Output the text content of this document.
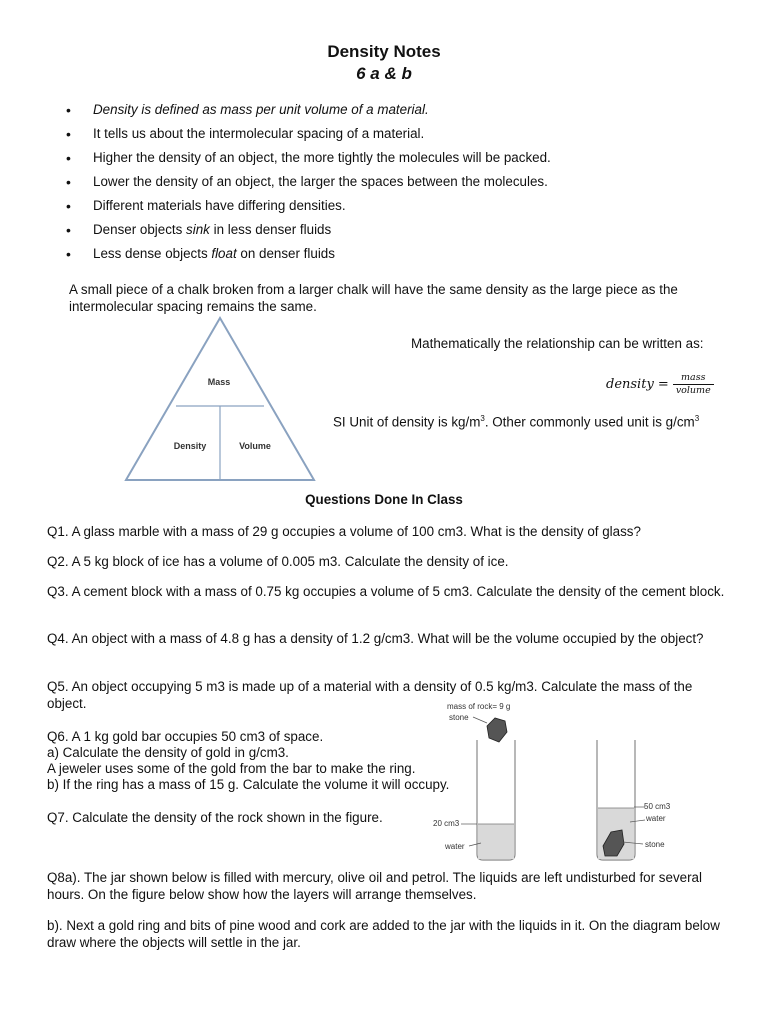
Density Notes
6 a & b
• Density is defined as mass per unit volume of a material.
• It tells us about the intermolecular spacing of a material.
• Higher the density of an object, the more tightly the molecules will be packed.
• Lower the density of an object, the larger the spaces between the molecules.
• Different materials have differing densities.
• Denser objects sink in less denser fluids
• Less dense objects float on denser fluids
A small piece of a chalk broken from a larger chalk will have the same density as the large piece as the intermolecular spacing remains the same.
Mass
Density	Volume
Mathematically the relationship can be written as:
density =	mass
volume
SI Unit of density is $kg/m^3$. Other commonly used unit is $g/cm^3$
Questions Done In Class
Q1. A glass marble with a mass of 29 g occupies a volume of 100 cm3. What is the density of glass?
Q2. A 5 kg block of ice has a volume of 0.005 m3. Calculate the density of ice.
Q3. A cement block with a mass of 0.75 kg occupies a volume of 5 cm3. Calculate the density of the cement block.
Q4. An object with a mass of 4.8 g has a density of 1.2 g/cm3. What will be the volume occupied by the object?
Q5. An object occupying 5 m3 is made up of a material with a density of 0.5 kg/m3. Calculate the mass of the object.
Q6. A 1 kg gold bar occupies 50 cm3 of space.
a) Calculate the density of gold in g/cm3.
A jeweler uses some of the gold from the bar to make the ring.
b) If the ring has a mass of 15 g. Calculate the volume it will occupy.
Q7. Calculate the density of the rock shown in the figure.
mass of rock= 9 g
stone
20 cm3
water
50 cm3
water
stone
Q8a). The jar shown below is filled with mercury, olive oil and petrol. The liquids are left undisturbed for several hours. On the figure below show how the layers will arrange themselves.
b). Next a gold ring and bits of pine wood and cork are added to the jar with the liquids in it. On the diagram below draw where the objects will settle in the jar.
